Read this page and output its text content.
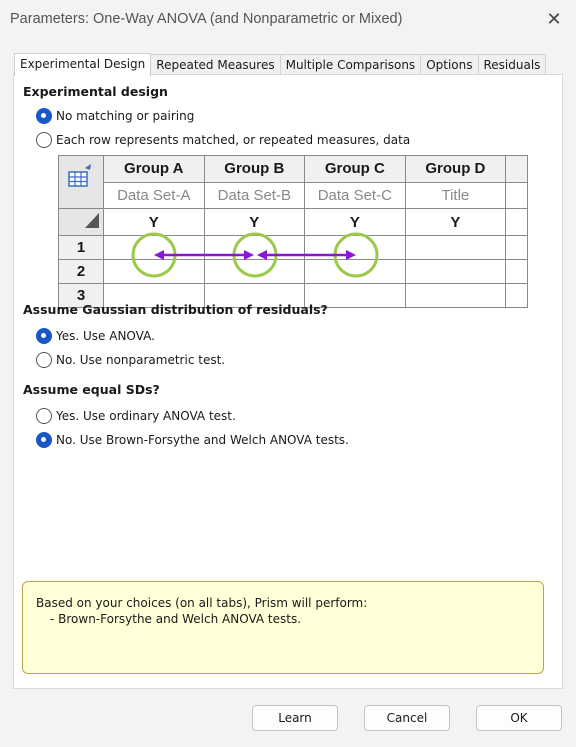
Parameters: One-Way ANOVA (and Nonparametric or Mixed)	✕
Experimental Design Repeated Measures Multiple Comparisons Options Residuals
Experimental design
No matching or pairing
Each row represents matched, or repeated measures, data
	Group A	Group B	Group C	Group D	
	Data Set-A	Data Set-B	Data Set-C	Title	
	Y	Y	Y	Y	
1					
2					
3					
Assume Gaussian distribution of residuals?
Yes. Use ANOVA.
No. Use nonparametric test.
Assume equal SDs?
Yes. Use ordinary ANOVA test.
No. Use Brown-Forsythe and Welch ANOVA tests.
Based on your choices (on all tabs), Prism will perform:
- Brown-Forsythe and Welch ANOVA tests.
Learn	Cancel	OK
